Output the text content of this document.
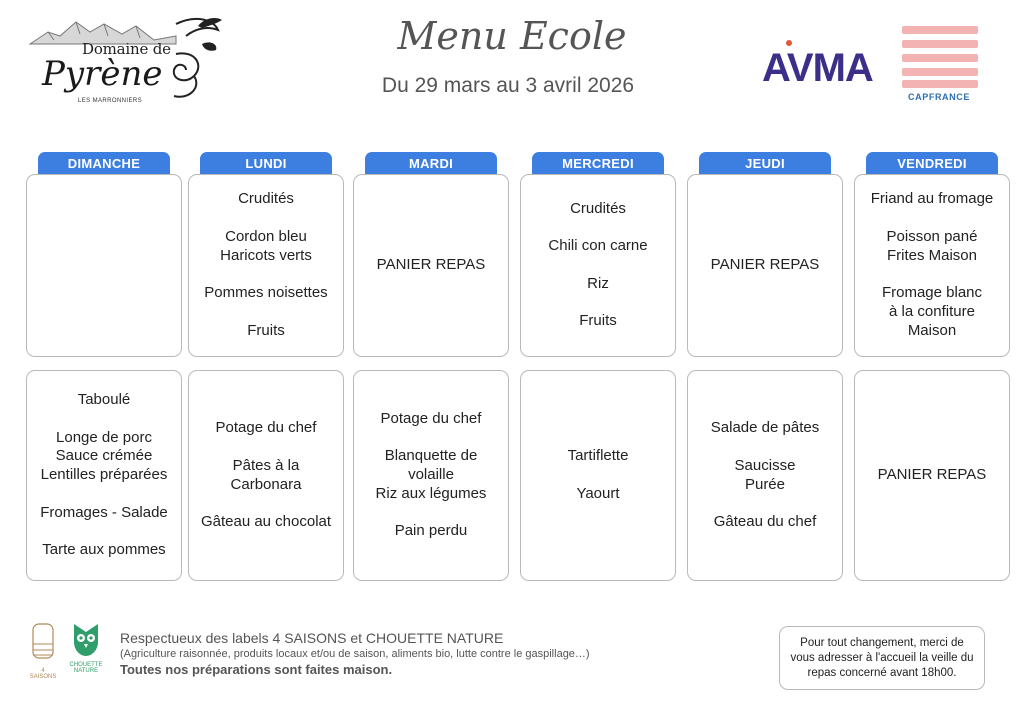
Domaine de
Pyrène
LES MARRONNIERS
Menu Ecole
Du 29 mars au 3 avril 2026	AVMA
CAPFRANCE
DIMANCHE
Taboulé
Longe de porc
Sauce crémée
Lentilles préparées
Fromages - Salade
Tarte aux pommes
LUNDI
Crudités
Cordon bleu
Haricots verts
Pommes noisettes
Fruits
Potage du chef
Pâtes à la
Carbonara
Gâteau au chocolat
MARDI
PANIER REPAS
Potage du chef
Blanquette de
volaille
Riz aux légumes
Pain perdu
MERCREDI
Crudités
Chili con carne
Riz
Fruits
Tartiflette
Yaourt
JEUDI
PANIER REPAS
Salade de pâtes
Saucisse
Purée
Gâteau du chef
VENDREDI
Friand au fromage
Poisson pané
Frites Maison
Fromage blanc
à la confiture
Maison
PANIER REPAS
4 SAISONS
CHOUETTE NATURE
Respectueux des labels 4 SAISONS et CHOUETTE NATURE
(Agriculture raisonnée, produits locaux et/ou de saison, aliments bio, lutte contre le gaspillage…)
Toutes nos préparations sont faites maison.
Pour tout changement, merci de vous adresser à l'accueil la veille du repas concerné avant 18h00.
